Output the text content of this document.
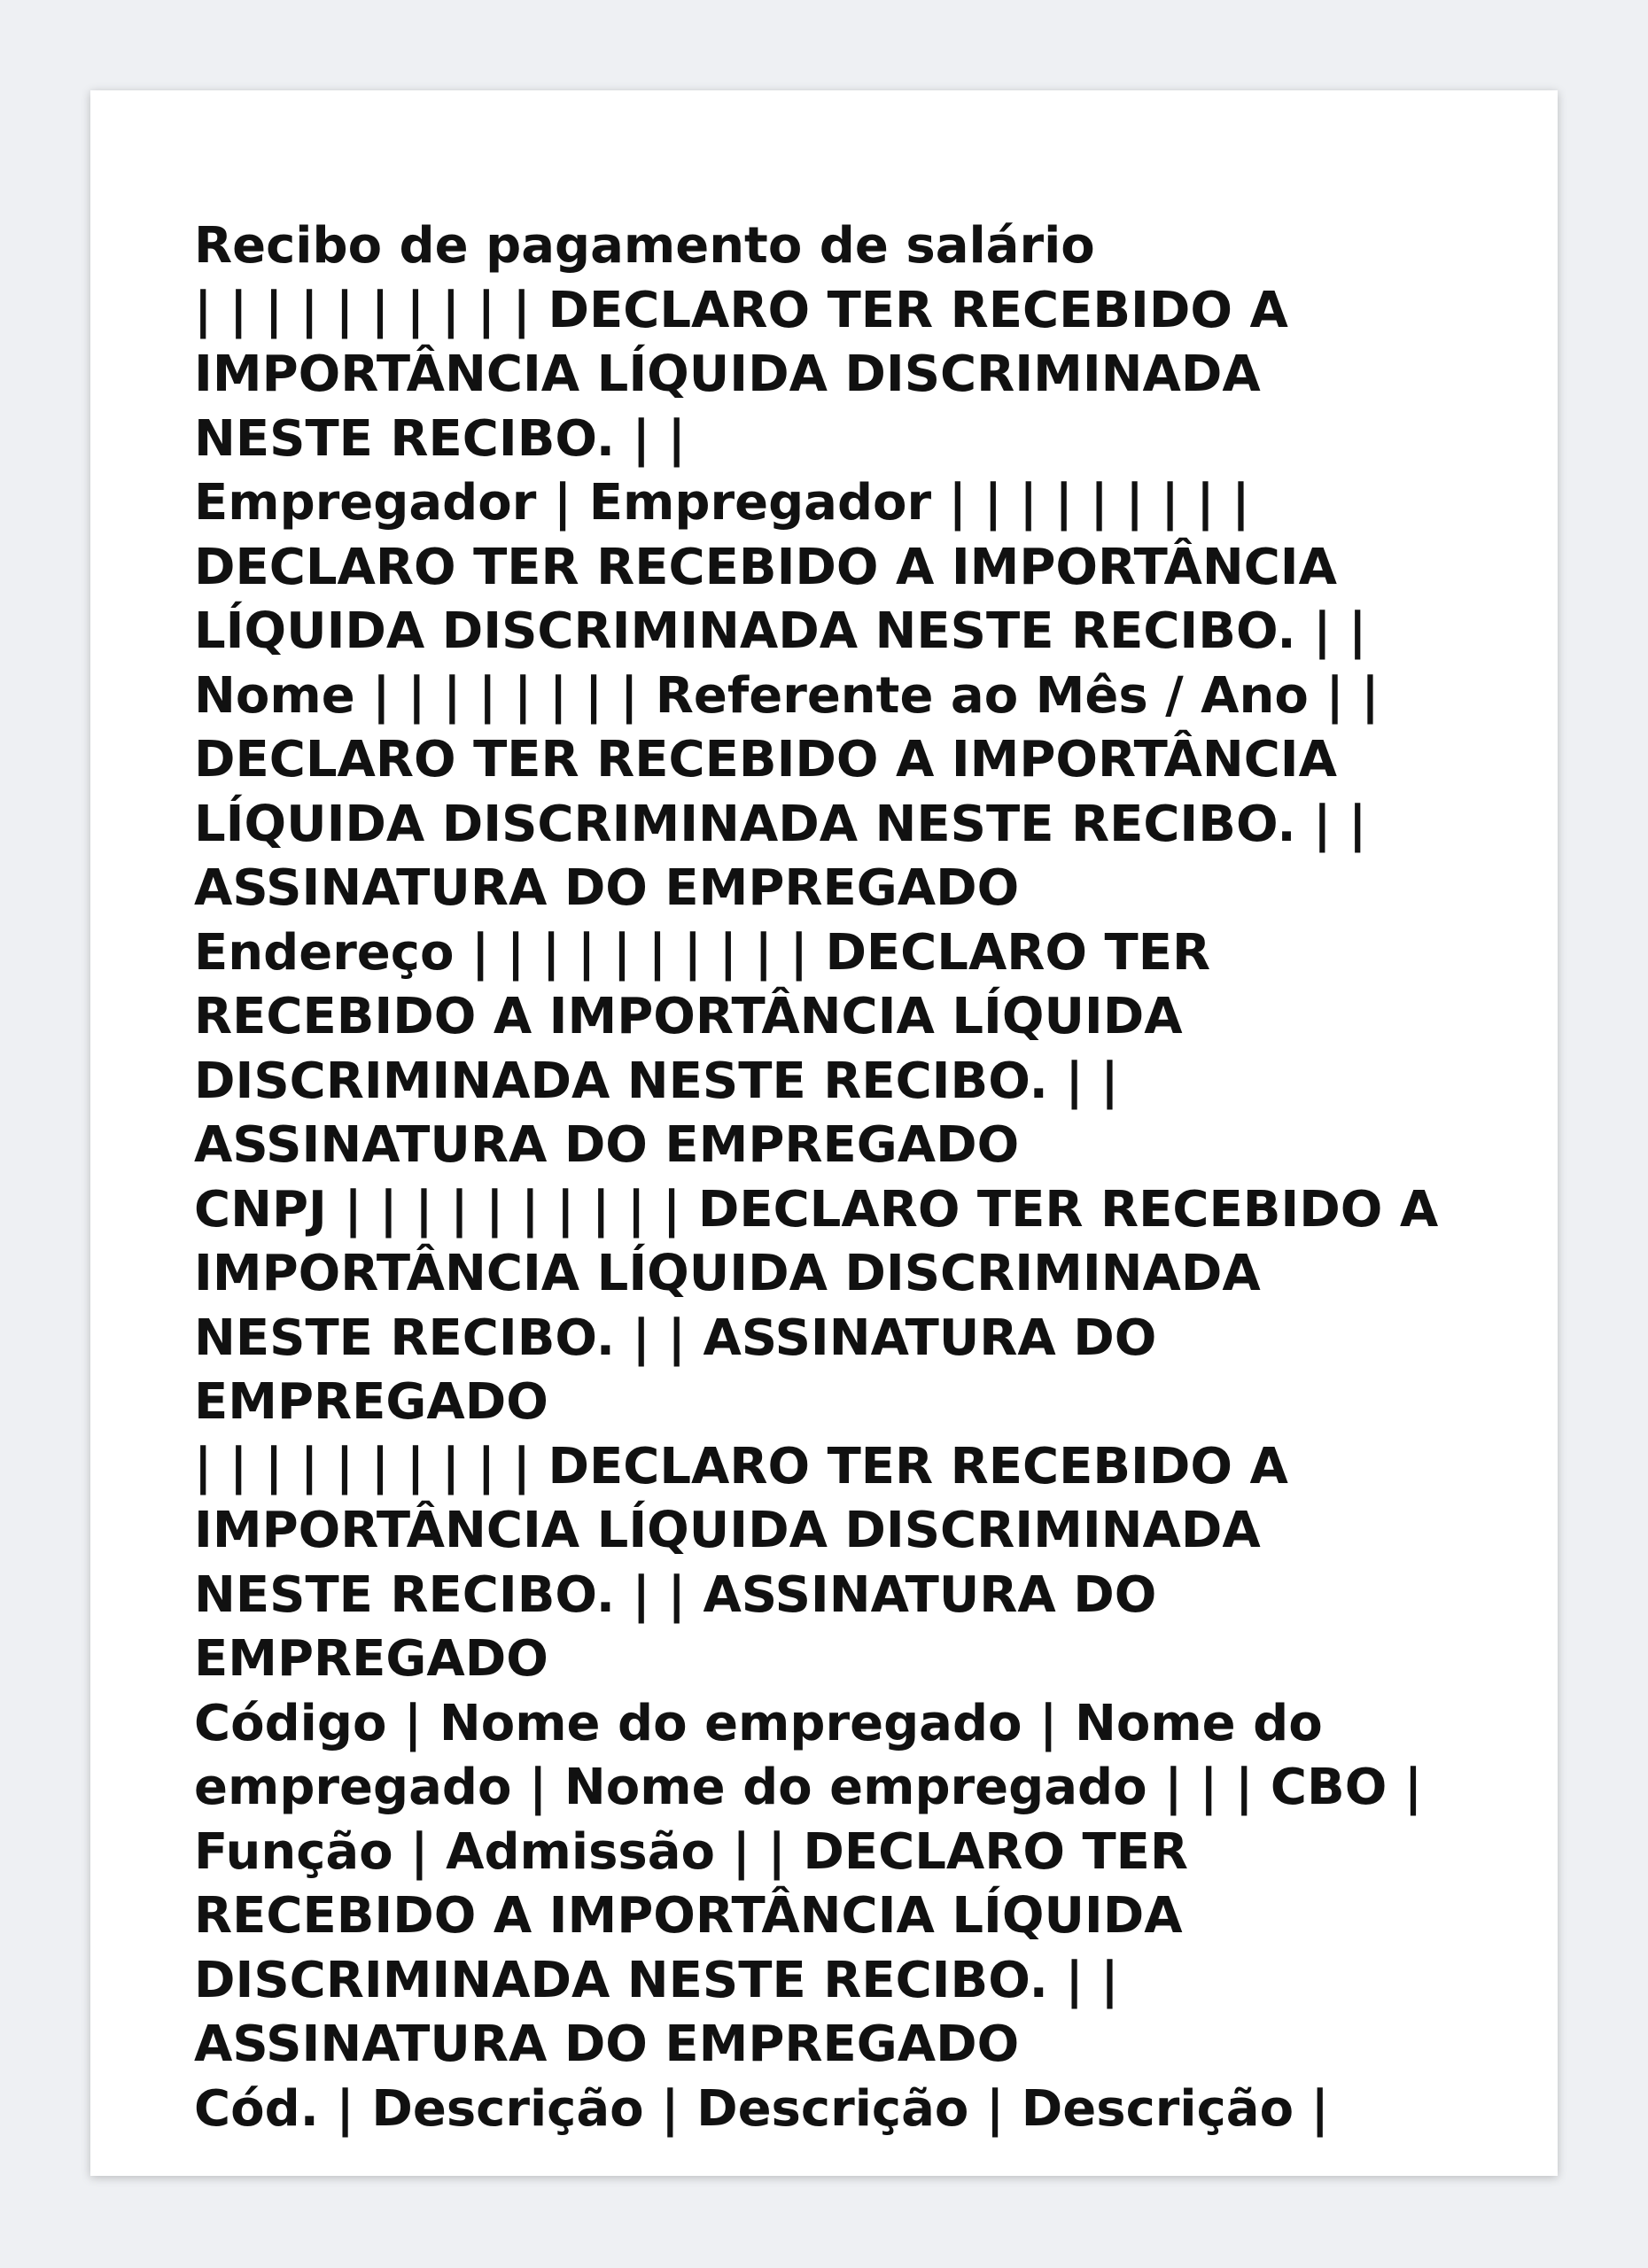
Recibo de pagamento de salário

| | | | | | | | | | DECLARO TER RECEBIDO A

IMPORTÂNCIA LÍQUIDA DISCRIMINADA

NESTE RECIBO. | |

Empregador | Empregador | | | | | | | | |

DECLARO TER RECEBIDO A IMPORTÂNCIA

LÍQUIDA DISCRIMINADA NESTE RECIBO. | |

Nome | | | | | | | | Referente ao Mês / Ano | |

DECLARO TER RECEBIDO A IMPORTÂNCIA

LÍQUIDA DISCRIMINADA NESTE RECIBO. | |

ASSINATURA DO EMPREGADO

Endereço | | | | | | | | | | DECLARO TER

RECEBIDO A IMPORTÂNCIA LÍQUIDA

DISCRIMINADA NESTE RECIBO. | |

ASSINATURA DO EMPREGADO

CNPJ | | | | | | | | | | DECLARO TER RECEBIDO A

IMPORTÂNCIA LÍQUIDA DISCRIMINADA

NESTE RECIBO. | | ASSINATURA DO

EMPREGADO

| | | | | | | | | | DECLARO TER RECEBIDO A

IMPORTÂNCIA LÍQUIDA DISCRIMINADA

NESTE RECIBO. | | ASSINATURA DO

EMPREGADO

Código | Nome do empregado | Nome do

empregado | Nome do empregado | | | CBO |

Função | Admissão | | DECLARO TER

RECEBIDO A IMPORTÂNCIA LÍQUIDA

DISCRIMINADA NESTE RECIBO. | |

ASSINATURA DO EMPREGADO

Cód. | Descrição | Descrição | Descrição |
